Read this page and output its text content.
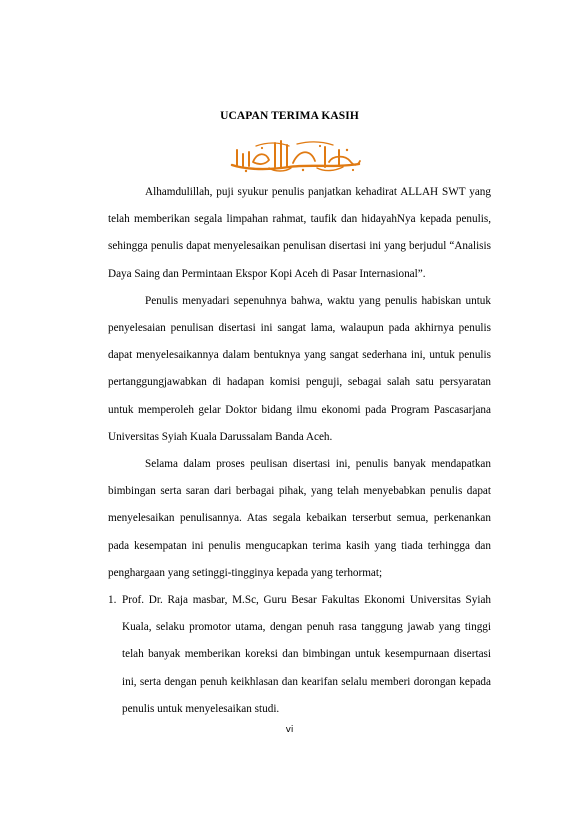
UCAPAN TERIMA KASIH

Alhamdulillah, puji syukur penulis panjatkan kehadirat ALLAH SWT yang telah memberikan segala limpahan rahmat, taufik dan hidayahNya kepada penulis, sehingga penulis dapat menyelesaikan penulisan disertasi ini yang berjudul “Analisis Daya Saing dan Permintaan Ekspor Kopi Aceh di Pasar Internasional”.

Penulis menyadari sepenuhnya bahwa, waktu yang penulis habiskan untuk penyelesaian penulisan disertasi ini sangat lama, walaupun pada akhirnya penulis dapat menyelesaikannya dalam bentuknya yang sangat sederhana ini, untuk penulis pertanggungjawabkan di hadapan komisi penguji, sebagai salah satu persyaratan untuk memperoleh gelar Doktor bidang ilmu ekonomi pada Program Pascasarjana Universitas Syiah Kuala Darussalam Banda Aceh.

Selama dalam proses peulisan disertasi ini, penulis banyak mendapatkan bimbingan serta saran dari berbagai pihak, yang telah menyebabkan penulis dapat menyelesaikan penulisannya. Atas segala kebaikan terserbut semua, perkenankan pada kesempatan ini penulis mengucapkan terima kasih yang tiada terhingga dan penghargaan yang setinggi-tingginya kepada yang terhormat;

1. Prof. Dr. Raja masbar, M.Sc, Guru Besar Fakultas Ekonomi Universitas Syiah Kuala, selaku promotor utama, dengan penuh rasa tanggung jawab yang tinggi telah banyak memberikan koreksi dan bimbingan untuk kesempurnaan disertasi ini, serta dengan penuh keikhlasan dan kearifan selalu memberi dorongan kepada penulis untuk menyelesaikan studi.
vi
